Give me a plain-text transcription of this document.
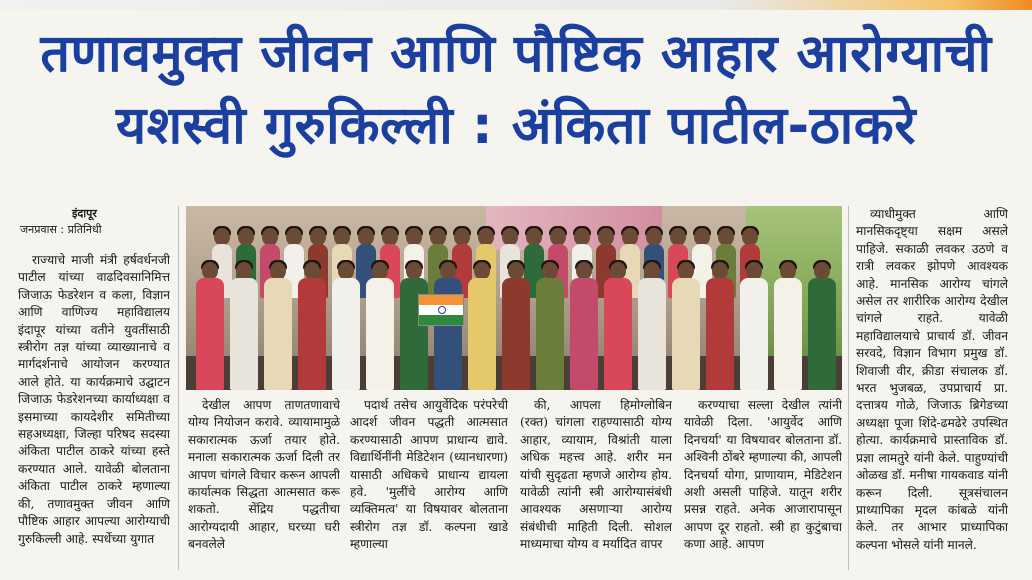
तणावमुक्त जीवन आणि पौष्टिक आहार आरोग्याची
यशस्वी गुरुकिल्ली : अंकिता पाटील-ठाकरे
इंदापूर
जनप्रवास : प्रतिनिधी

राज्याचे माजी मंत्री हर्षवर्धनजी पाटील यांच्या वाढदिवसानिमित्त जिजाऊ फेडरेशन व कला, विज्ञान आणि वाणिज्य महाविद्यालय इंदापूर यांच्या वतीने युवतींसाठी स्त्रीरोग तज्ञ यांच्या व्याख्यानाचे व मार्गदर्शनाचे आयोजन करण्यात आले होते. या कार्यक्रमाचे उद्घाटन जिजाऊ फेडरेशनच्या कार्याध्यक्षा व इसमाच्या कायदेशीर समितीच्या सहअध्यक्षा, जिल्हा परिषद सदस्या अंकिता पाटील ठाकरे यांच्या हस्ते करण्यात आले. यावेळी बोलताना अंकिता पाटील ठाकरे म्हणाल्या की, तणावमुक्त जीवन आणि पौष्टिक आहार आपल्या आरोग्याची गुरुकिल्ली आहे. स्पर्धेच्या युगात

देखील आपण ताणतणावाचे योग्य नियोजन करावे. व्यायामामुळे सकारात्मक ऊर्जा तयार होते. मनाला सकारात्मक ऊर्जा दिली तर आपण चांगले विचार करून आपली कार्यात्मक सिद्धता आत्मसात करू शकतो. सेंद्रिय पद्धतीचा आरोग्यदायी आहार, घरच्या घरी बनवलेले

पदार्थ तसेच आयुर्वेदिक परंपरेची आदर्श जीवन पद्धती आत्मसात करण्यासाठी आपण प्राधान्य द्यावे. विद्यार्थिनींनी मेडिटेशन (ध्यानधारणा) यासाठी अधिकचे प्राधान्य द्यायला हवे. 'मुलींचे आरोग्य आणि व्यक्तिमत्व' या विषयावर बोलताना स्त्रीरोग तज्ञ डॉ. कल्पना खाडे म्हणाल्या

की, आपला हिमोग्लोबिन (रक्त) चांगला राहण्यासाठी योग्य आहार, व्यायाम, विश्रांती याला अधिक महत्त्व आहे. शरीर मन यांची सुदृढता म्हणजे आरोग्य होय. यावेळी त्यांनी स्त्री आरोग्यासंबंधी आवश्यक असणाऱ्या आरोग्य संबंधीची माहिती दिली. सोशल माध्यमाचा योग्य व मर्यादित वापर

करण्याचा सल्ला देखील त्यांनी यावेळी दिला. 'आयुर्वेद आणि दिनचर्या' या विषयावर बोलताना डॉ. अश्विनी ठोंबरे म्हणाल्या की, आपली दिनचर्या योगा, प्राणायाम, मेडिटेशन अशी असली पाहिजे. यातून शरीर प्रसन्न राहते. अनेक आजारापासून आपण दूर राहतो. स्त्री हा कुटुंबाचा कणा आहे. आपण

व्याधीमुक्त आणि मानसिकदृष्ट्या सक्षम असले पाहिजे. सकाळी लवकर उठणे व रात्री लवकर झोपणे आवश्यक आहे. मानसिक आरोग्य चांगले असेल तर शारीरिक आरोग्य देखील चांगले राहते. यावेळी महाविद्यालयाचे प्राचार्य डॉ. जीवन सरवदे, विज्ञान विभाग प्रमुख डॉ. शिवाजी वीर, क्रीडा संचालक डॉ. भरत भुजबळ, उपप्राचार्य प्रा. दत्तात्रय गोळे, जिजाऊ ब्रिगेडच्या अध्यक्षा पूजा शिंदे-ढमढेरे उपस्थित होत्या. कार्यक्रमाचे प्रास्ताविक डॉ. प्रज्ञा लामतुरे यांनी केले. पाहुण्यांची ओळख डॉ. मनीषा गायकवाड यांनी करून दिली. सूत्रसंचालन प्राध्यापिका मृदल कांबळे यांनी केले. तर आभार प्राध्यापिका कल्पना भोसले यांनी मानले.
